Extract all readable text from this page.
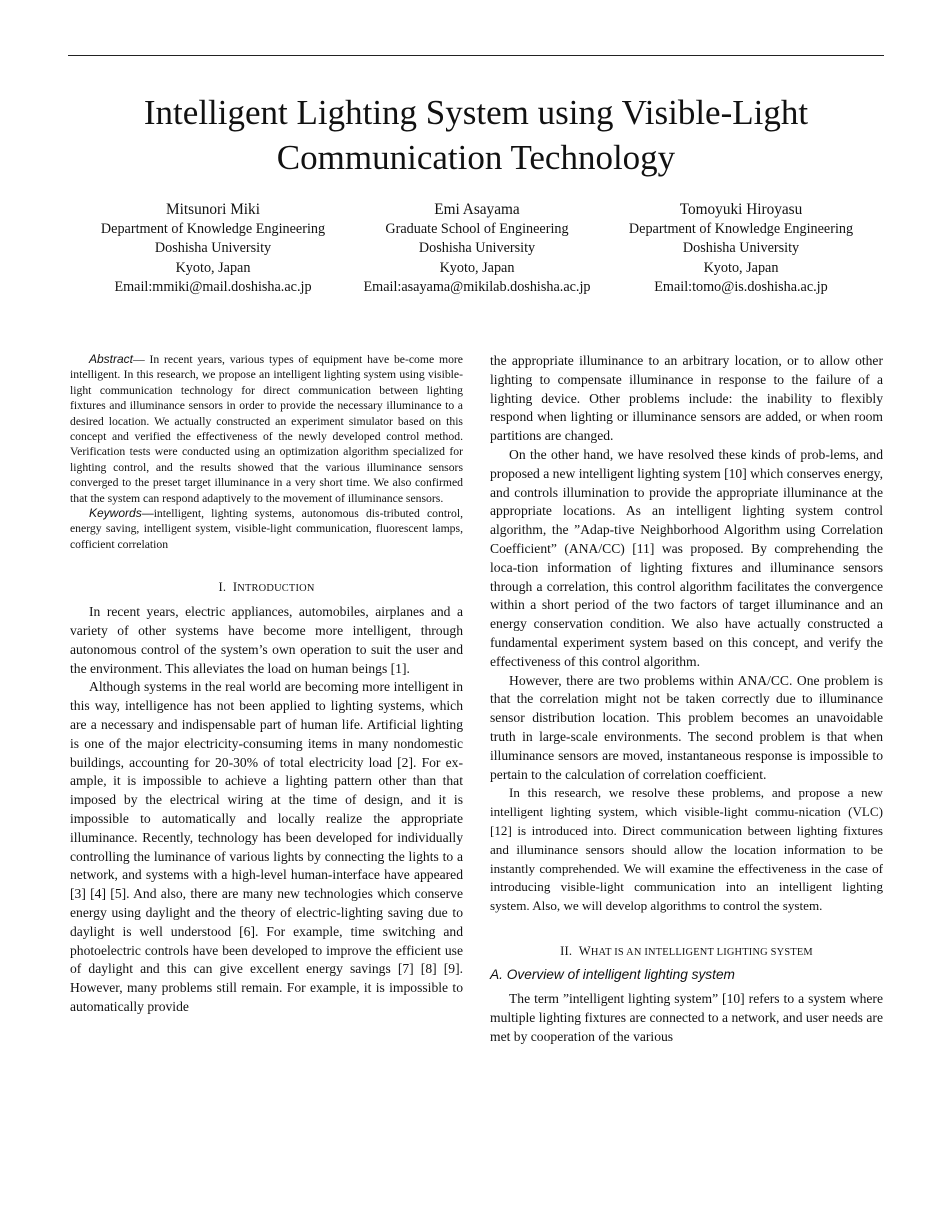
Intelligent Lighting System using Visible-Light
Communication Technology
Mitsunori Miki
Department of Knowledge Engineering
Doshisha University
Kyoto, Japan
Email:mmiki@mail.doshisha.ac.jp
Emi Asayama
Graduate School of Engineering
Doshisha University
Kyoto, Japan
Email:asayama@mikilab.doshisha.ac.jp
Tomoyuki Hiroyasu
Department of Knowledge Engineering
Doshisha University
Kyoto, Japan
Email:tomo@is.doshisha.ac.jp

Abstract— In recent years, various types of equipment have be-come more intelligent. In this research, we propose an intelligent lighting system using visible-light communication technology for direct communication between lighting fixtures and illuminance sensors in order to provide the necessary illuminance to a desired location. We actually constructed an experiment simulator based on this concept and verified the effectiveness of the newly developed control method. Verification tests were conducted using an optimization algorithm specialized for lighting control, and the results showed that the various illuminance sensors converged to the preset target illuminance in a very short time. We also confirmed that the system can respond adaptively to the movement of illuminance sensors.

Keywords—intelligent, lighting systems, autonomous dis-tributed control, energy saving, intelligent system, visible-light communication, fluorescent lamps, cofficient correlation

I. INTRODUCTION

In recent years, electric appliances, automobiles, airplanes and a variety of other systems have become more intelligent, through autonomous control of the system’s own operation to suit the user and the environment. This alleviates the load on human beings [1].

Although systems in the real world are becoming more intelligent in this way, intelligence has not been applied to lighting systems, which are a necessary and indispensable part of human life. Artificial lighting is one of the major electricity-consuming items in many nondomestic buildings, accounting for 20-30% of total electricity load [2]. For ex-ample, it is impossible to achieve a lighting pattern other than that imposed by the electrical wiring at the time of design, and it is impossible to automatically and locally realize the appropriate illuminance. Recently, technology has been developed for individually controlling the luminance of various lights by connecting the lights to a network, and systems with a high-level human-interface have appeared [3] [4] [5]. And also, there are many new technologies which conserve energy using daylight and the theory of electric-lighting saving due to daylight is well understood [6]. For example, time switching and photoelectric controls have been developed to improve the efficient use of daylight and this can give excellent energy savings [7] [8] [9]. However, many problems still remain. For example, it is impossible to automatically provide

the appropriate illuminance to an arbitrary location, or to allow other lighting to compensate illuminance in response to the failure of a lighting device. Other problems include: the inability to flexibly respond when lighting or illuminance sensors are added, or when room partitions are changed.

On the other hand, we have resolved these kinds of prob-lems, and proposed a new intelligent lighting system [10] which conserves energy, and controls illumination to provide the appropriate illuminance at the appropriate locations. As an intelligent lighting system control algorithm, the ”Adap-tive Neighborhood Algorithm using Correlation Coefficient” (ANA/CC) [11] was proposed. By comprehending the loca-tion information of lighting fixtures and illuminance sensors through a correlation, this control algorithm facilitates the convergence within a short period of the two factors of target illuminance and an energy conservation condition. We also have actually constructed a fundamental experiment system based on this concept, and verify the effectiveness of this control algorithm.

However, there are two problems within ANA/CC. One problem is that the correlation might not be taken correctly due to illuminance sensor distribution location. This problem becomes an unavoidable truth in large-scale environments. The second problem is that when illuminance sensors are moved, instantaneous response is impossible to pertain to the calculation of correlation coefficient.

In this research, we resolve these problems, and propose a new intelligent lighting system, which visible-light commu-nication (VLC) [12] is introduced into. Direct communication between lighting fixtures and illuminance sensors should allow the location information to be instantly comprehended. We will examine the effectiveness in the case of introducing visible-light communication into an intelligent lighting system. Also, we will develop algorithms to control the system.

II. WHAT IS AN INTELLIGENT LIGHTING SYSTEM
A. Overview of intelligent lighting system

The term ”intelligent lighting system” [10] refers to a system where multiple lighting fixtures are connected to a network, and user needs are met by cooperation of the various
